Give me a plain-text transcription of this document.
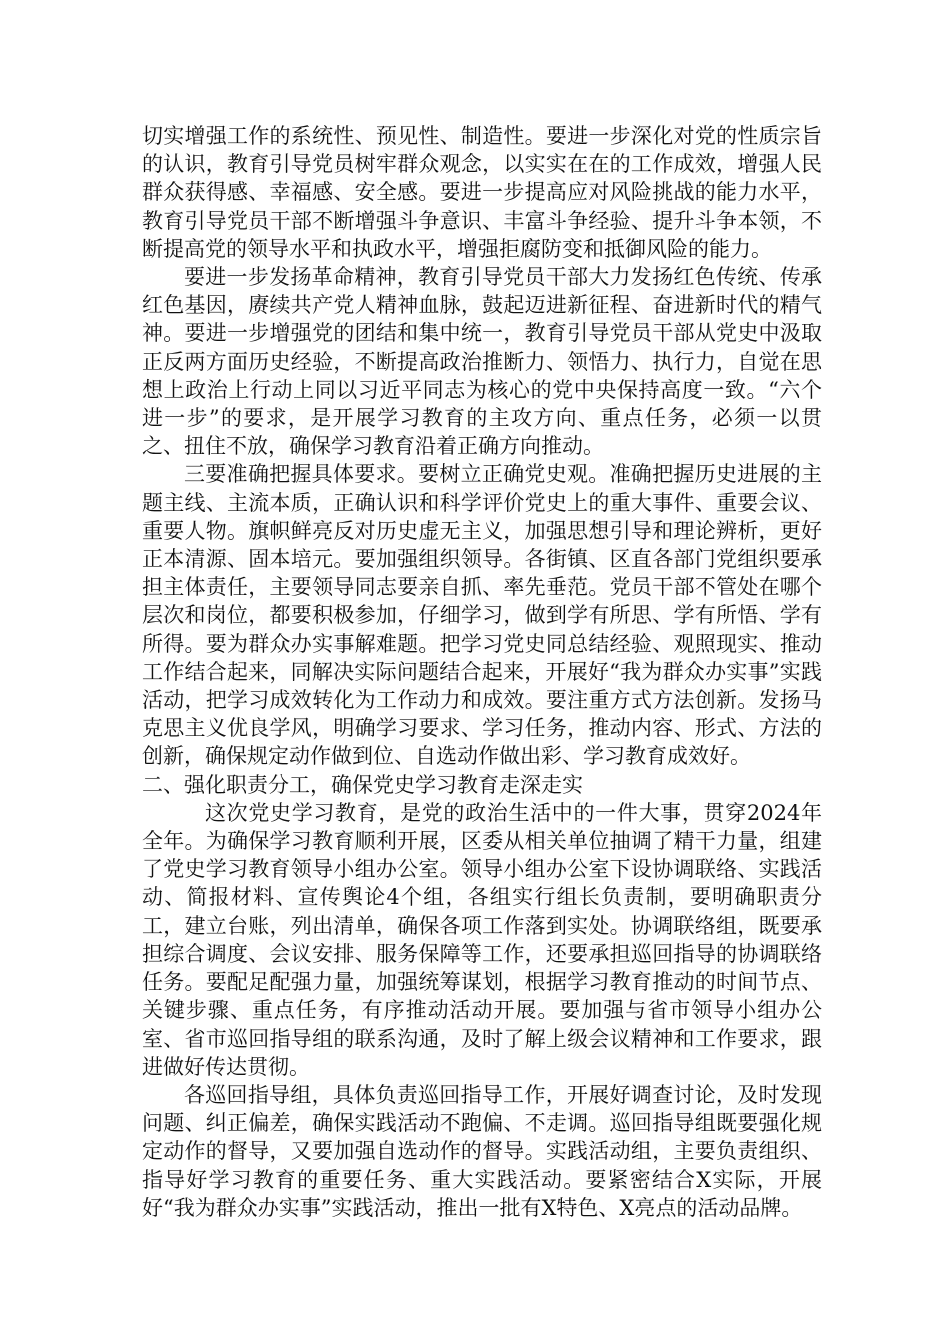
切实增强工作的系统性、预见性、制造性。要进一步深化对党的性质宗旨的认识，教育引导党员树牢群众观念，以实实在在的工作成效，增强人民群众获得感、幸福感、安全感。要进一步提高应对风险挑战的能力水平，教育引导党员干部不断增强斗争意识、丰富斗争经验、提升斗争本领，不断提高党的领导水平和执政水平，增强拒腐防变和抵御风险的能力。

要进一步发扬革命精神，教育引导党员干部大力发扬红色传统、传承红色基因，赓续共产党人精神血脉，鼓起迈进新征程、奋进新时代的精气神。要进一步增强党的团结和集中统一，教育引导党员干部从党史中汲取正反两方面历史经验，不断提高政治推断力、领悟力、执行力，自觉在思想上政治上行动上同以习近平同志为核心的党中央保持高度一致。“六个进一步”的要求，是开展学习教育的主攻方向、重点任务，必须一以贯之、扭住不放，确保学习教育沿着正确方向推动。

三要准确把握具体要求。要树立正确党史观。准确把握历史进展的主题主线、主流本质，正确认识和科学评价党史上的重大事件、重要会议、重要人物。旗帜鲜亮反对历史虚无主义，加强思想引导和理论辨析，更好正本清源、固本培元。要加强组织领导。各街镇、区直各部门党组织要承担主体责任，主要领导同志要亲自抓、率先垂范。党员干部不管处在哪个层次和岗位，都要积极参加，仔细学习，做到学有所思、学有所悟、学有所得。要为群众办实事解难题。把学习党史同总结经验、观照现实、推动工作结合起来，同解决实际问题结合起来，开展好“我为群众办实事”实践活动，把学习成效转化为工作动力和成效。要注重方式方法创新。发扬马克思主义优良学风，明确学习要求、学习任务，推动内容、形式、方法的创新，确保规定动作做到位、自选动作做出彩、学习教育成效好。

二、强化职责分工，确保党史学习教育走深走实

这次党史学习教育，是党的政治生活中的一件大事，贯穿2024年全年。为确保学习教育顺利开展，区委从相关单位抽调了精干力量，组建了党史学习教育领导小组办公室。领导小组办公室下设协调联络、实践活动、简报材料、宣传舆论4个组，各组实行组长负责制，要明确职责分工，建立台账，列出清单，确保各项工作落到实处。协调联络组，既要承担综合调度、会议安排、服务保障等工作，还要承担巡回指导的协调联络任务。要配足配强力量，加强统筹谋划，根据学习教育推动的时间节点、关键步骤、重点任务，有序推动活动开展。要加强与省市领导小组办公室、省市巡回指导组的联系沟通，及时了解上级会议精神和工作要求，跟进做好传达贯彻。

各巡回指导组，具体负责巡回指导工作，开展好调查讨论，及时发现问题、纠正偏差，确保实践活动不跑偏、不走调。巡回指导组既要强化规定动作的督导，又要加强自选动作的督导。实践活动组，主要负责组织、指导好学习教育的重要任务、重大实践活动。要紧密结合X实际，开展好“我为群众办实事”实践活动，推出一批有X特色、X亮点的活动品牌。
